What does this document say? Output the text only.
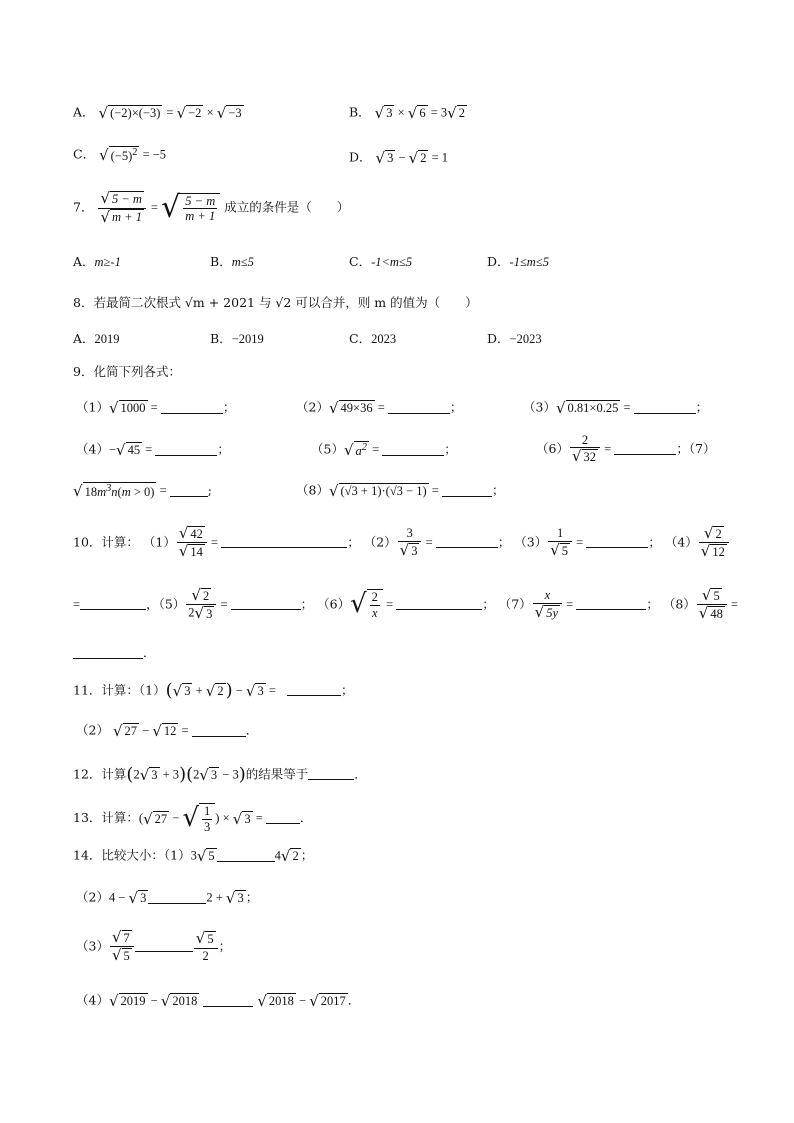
A． √ (−2)×(−3) = √ −2 × √ −3	B． √ 3 × √ 6 = 3√ 2
C． √ $(-5)^2 = -5$	D． √ 3 − √ 2 = 1
7． $\frac{√ 5 - m}{√ m + 1}$ = √ $\frac{5 - m}{m + 1}$ 成立的条件是（　　）
A．m≥-1	B．m≤5	C．-1<m≤5	D．-1≤m≤5
8．若最简二次根式 √m + 2021 与 √2 可以合并，则 m 的值为（　　）
A．2019	B．−2019	C．2023	D．−2023
9．化简下列各式：
（1）√ 1000 =	；	（2）√ 49×36 =	；	（3）√ 0.81×0.25 =	；
（4）−√ 45 =	；	（5）√ $a^2$ =	；	$(6) \frac{2}{√ 32}$ =	；（7）
√ $18m^3n(m > 0)$ =	;	（8）√ (√3 + 1)·(√3 − 1) =	；
10．计算： $(1) \frac{√ 42}{√ 14}$ =	； $(2) \frac{3}{√ 3}$ =	； $(3) \frac{1}{√ 5}$ =	； $(4) \frac{√ 2}{√ 12}$
=	，$(5) \frac{√ 2}{2√ 3}$ =	； $(6)√ \frac{2}{x}$ =	； $(7) \frac{x}{√ 5y}$ =	； $(8) \frac{√ 5}{√ 48}$ =
．
11．计算：（1）(√ 3 + √ 2 ) − √ 3 =	；
（2） √ 27 − √ 12 =	．
12．计算(2√ 3 + 3)(2√ 3 − 3)的结果等于	．
13．计算：(√ 27 − √ $\frac{1}{3}$ ) × √ 3 =	．
14．比较大小：（1）3√ 5	4√ 2 ；
（2）4 − √ 3	2 + √ 3 ；
$(3) \frac{√ 7}{√ 5}$	$\frac{√ 5}{2}$ ；
（4）√ 2019 − √ 2018	√ 2018 − √ 2017 ．
